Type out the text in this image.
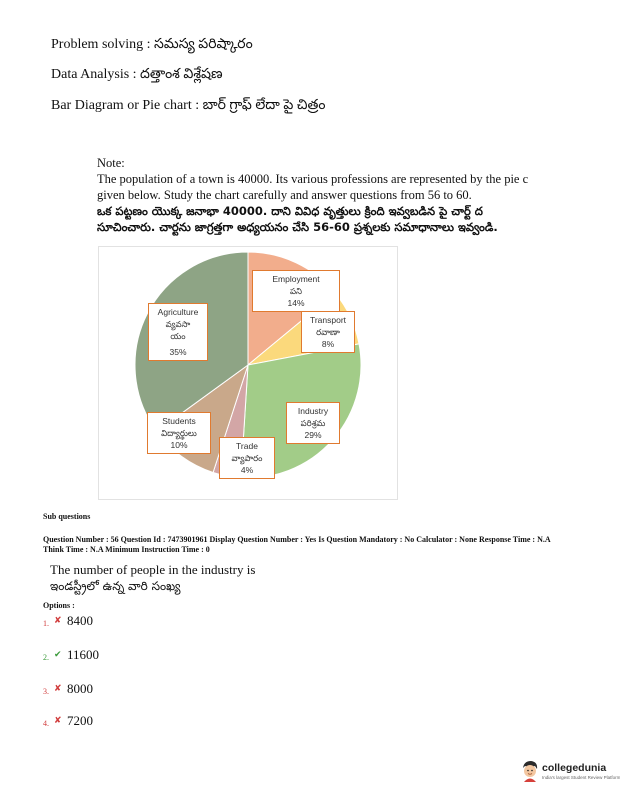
Problem solving : సమస్య పరిష్కారం
Data Analysis : దత్తాంశ విశ్లేషణ
Bar Diagram or Pie chart : బార్ గ్రాఫ్ లేదా పై చిత్రం
Note:
The population of a town is 40000. Its various professions are represented by the pie c
given below. Study the chart carefully and answer questions from 56 to 60.
ఒక పట్టణం యొక్క జనాభా 40000. దాని వివిధ వృత్తులు క్రింది ఇవ్వబడిన పై చార్ట్ ద
సూచించారు. చార్టను జాగ్రత్తగా అధ్యయనం చేసి 56-60 ప్రశ్నలకు సమాధానాలు ఇవ్వండి.
Employment
పని
14%
Transport
రవాణా
8%
Industry
పరిశ్రమ
29%
Trade
వ్యాపారం
4%
Students
విద్యార్థులు
10%
Agriculture
వ్యవసా
యం
35%
Sub questions
Question Number : 56 Question Id : 7473901961 Display Question Number : Yes Is Question Mandatory : No Calculator : None Response Time : N.A Think Time : N.A Minimum Instruction Time : 0
The number of people in the industry is
ఇండస్ట్రీలో ఉన్న వారి సంఖ్య
Options :
1. ✘ 8400
2. ✔ 11600
3. ✘ 8000
4. ✘ 7200
collegedunia
India's largest Student Review Platform
